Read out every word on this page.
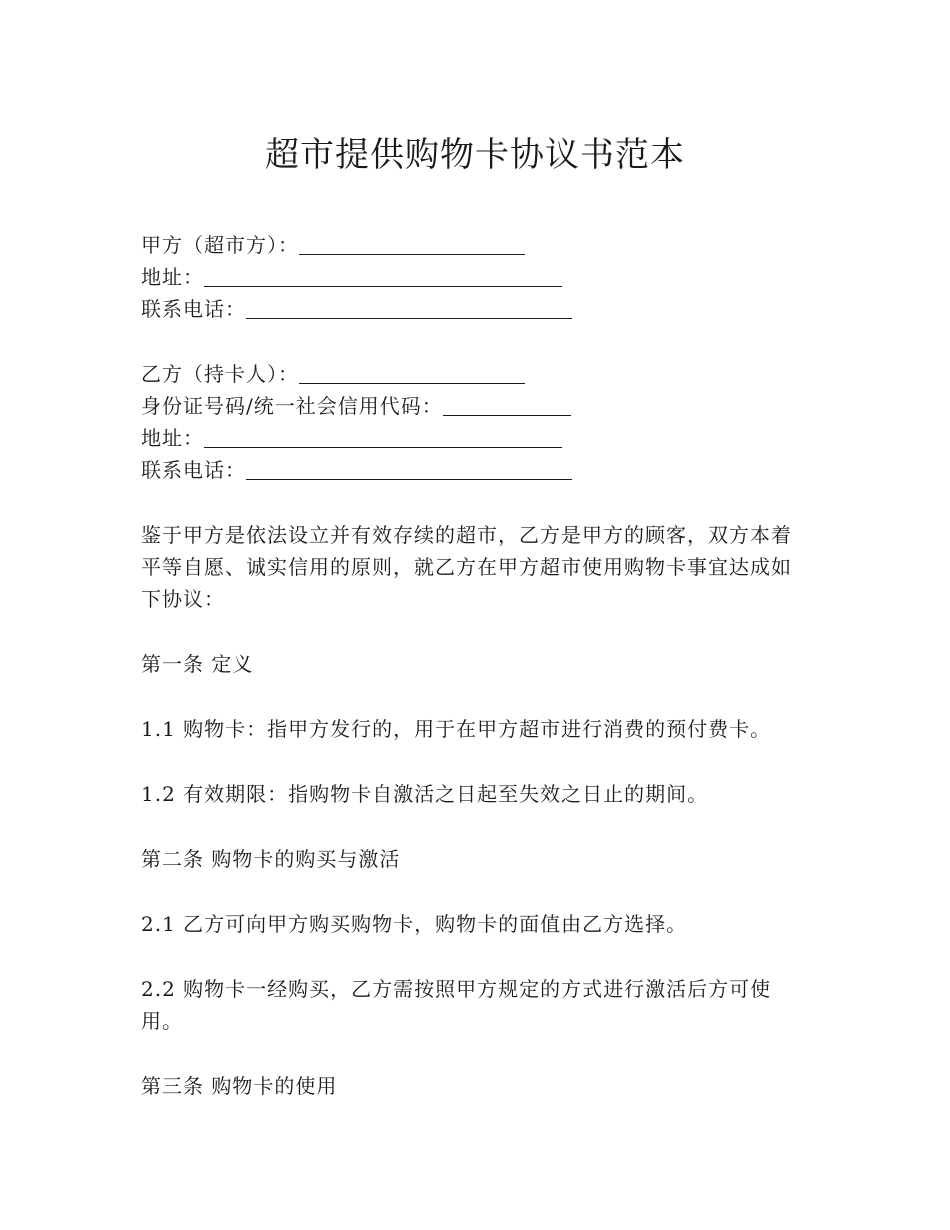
超市提供购物卡协议书范本
甲方（超市方）：
地址：
联系电话：
乙方（持卡人）：
身份证号码/统一社会信用代码：
地址：
联系电话：
鉴于甲方是依法设立并有效存续的超市，乙方是甲方的顾客，双方本着平等自愿、诚实信用的原则，就乙方在甲方超市使用购物卡事宜达成如下协议：
第一条 定义
1.1 购物卡：指甲方发行的，用于在甲方超市进行消费的预付费卡。
1.2 有效期限：指购物卡自激活之日起至失效之日止的期间。
第二条 购物卡的购买与激活
2.1 乙方可向甲方购买购物卡，购物卡的面值由乙方选择。
2.2 购物卡一经购买，乙方需按照甲方规定的方式进行激活后方可使用。
第三条 购物卡的使用
